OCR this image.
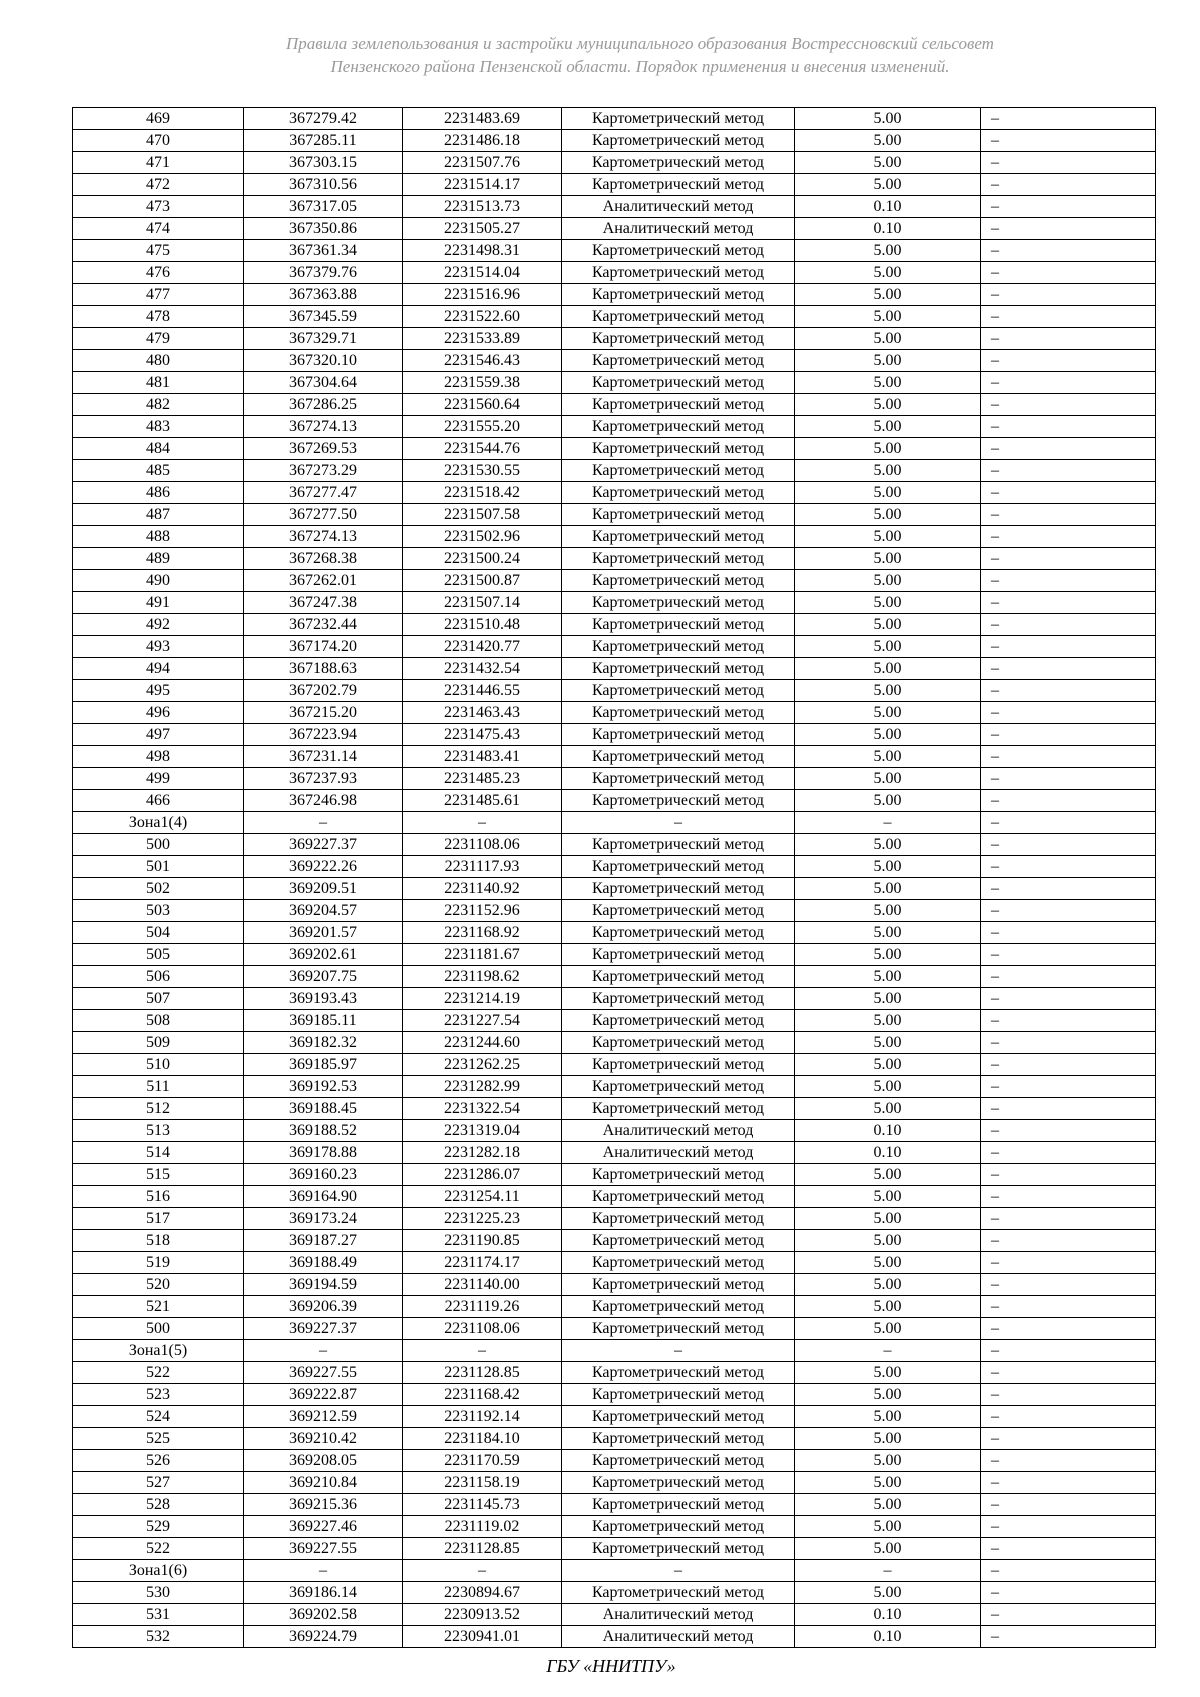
Правила землепользования и застройки муниципального образования Вострессновский сельсовет
Пензенского района Пензенской области. Порядок применения и внесения изменений.
469	367279.42	2231483.69	Картометрический метод	5.00	–
470	367285.11	2231486.18	Картометрический метод	5.00	–
471	367303.15	2231507.76	Картометрический метод	5.00	–
472	367310.56	2231514.17	Картометрический метод	5.00	–
473	367317.05	2231513.73	Аналитический метод	0.10	–
474	367350.86	2231505.27	Аналитический метод	0.10	–
475	367361.34	2231498.31	Картометрический метод	5.00	–
476	367379.76	2231514.04	Картометрический метод	5.00	–
477	367363.88	2231516.96	Картометрический метод	5.00	–
478	367345.59	2231522.60	Картометрический метод	5.00	–
479	367329.71	2231533.89	Картометрический метод	5.00	–
480	367320.10	2231546.43	Картометрический метод	5.00	–
481	367304.64	2231559.38	Картометрический метод	5.00	–
482	367286.25	2231560.64	Картометрический метод	5.00	–
483	367274.13	2231555.20	Картометрический метод	5.00	–
484	367269.53	2231544.76	Картометрический метод	5.00	–
485	367273.29	2231530.55	Картометрический метод	5.00	–
486	367277.47	2231518.42	Картометрический метод	5.00	–
487	367277.50	2231507.58	Картометрический метод	5.00	–
488	367274.13	2231502.96	Картометрический метод	5.00	–
489	367268.38	2231500.24	Картометрический метод	5.00	–
490	367262.01	2231500.87	Картометрический метод	5.00	–
491	367247.38	2231507.14	Картометрический метод	5.00	–
492	367232.44	2231510.48	Картометрический метод	5.00	–
493	367174.20	2231420.77	Картометрический метод	5.00	–
494	367188.63	2231432.54	Картометрический метод	5.00	–
495	367202.79	2231446.55	Картометрический метод	5.00	–
496	367215.20	2231463.43	Картометрический метод	5.00	–
497	367223.94	2231475.43	Картометрический метод	5.00	–
498	367231.14	2231483.41	Картометрический метод	5.00	–
499	367237.93	2231485.23	Картометрический метод	5.00	–
466	367246.98	2231485.61	Картометрический метод	5.00	–
Зона1(4)	–	–	–	–	–
500	369227.37	2231108.06	Картометрический метод	5.00	–
501	369222.26	2231117.93	Картометрический метод	5.00	–
502	369209.51	2231140.92	Картометрический метод	5.00	–
503	369204.57	2231152.96	Картометрический метод	5.00	–
504	369201.57	2231168.92	Картометрический метод	5.00	–
505	369202.61	2231181.67	Картометрический метод	5.00	–
506	369207.75	2231198.62	Картометрический метод	5.00	–
507	369193.43	2231214.19	Картометрический метод	5.00	–
508	369185.11	2231227.54	Картометрический метод	5.00	–
509	369182.32	2231244.60	Картометрический метод	5.00	–
510	369185.97	2231262.25	Картометрический метод	5.00	–
511	369192.53	2231282.99	Картометрический метод	5.00	–
512	369188.45	2231322.54	Картометрический метод	5.00	–
513	369188.52	2231319.04	Аналитический метод	0.10	–
514	369178.88	2231282.18	Аналитический метод	0.10	–
515	369160.23	2231286.07	Картометрический метод	5.00	–
516	369164.90	2231254.11	Картометрический метод	5.00	–
517	369173.24	2231225.23	Картометрический метод	5.00	–
518	369187.27	2231190.85	Картометрический метод	5.00	–
519	369188.49	2231174.17	Картометрический метод	5.00	–
520	369194.59	2231140.00	Картометрический метод	5.00	–
521	369206.39	2231119.26	Картометрический метод	5.00	–
500	369227.37	2231108.06	Картометрический метод	5.00	–
Зона1(5)	–	–	–	–	–
522	369227.55	2231128.85	Картометрический метод	5.00	–
523	369222.87	2231168.42	Картометрический метод	5.00	–
524	369212.59	2231192.14	Картометрический метод	5.00	–
525	369210.42	2231184.10	Картометрический метод	5.00	–
526	369208.05	2231170.59	Картометрический метод	5.00	–
527	369210.84	2231158.19	Картометрический метод	5.00	–
528	369215.36	2231145.73	Картометрический метод	5.00	–
529	369227.46	2231119.02	Картометрический метод	5.00	–
522	369227.55	2231128.85	Картометрический метод	5.00	–
Зона1(6)	–	–	–	–	–
530	369186.14	2230894.67	Картометрический метод	5.00	–
531	369202.58	2230913.52	Аналитический метод	0.10	–
532	369224.79	2230941.01	Аналитический метод	0.10	–
ГБУ «ННИТПУ»
